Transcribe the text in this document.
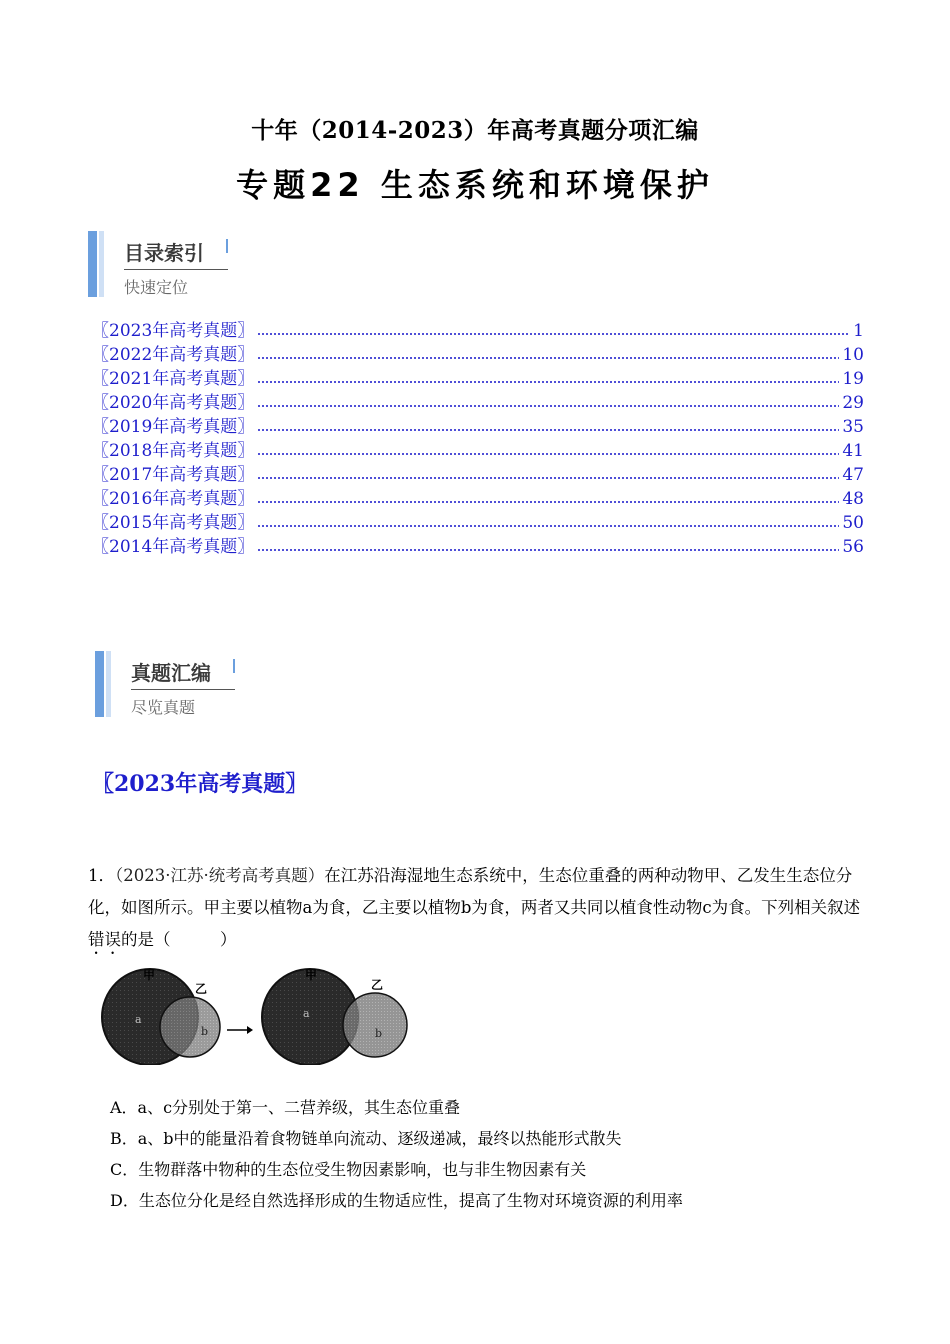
十年（2014-2023）年高考真题分项汇编
专题22 生态系统和环境保护
目录索引
快速定位
〖2023年高考真题〗	1
〖2022年高考真题〗	10
〖2021年高考真题〗	19
〖2020年高考真题〗	29
〖2019年高考真题〗	35
〖2018年高考真题〗	41
〖2017年高考真题〗	47
〖2016年高考真题〗	48
〖2015年高考真题〗	50
〖2014年高考真题〗	56
真题汇编
尽览真题
〖2023年高考真题〗
1．（2023·江苏·统考高考真题）在江苏沿海湿地生态系统中，生态位重叠的两种动物甲、乙发生生态位分化，如图所示。甲主要以植物a为食，乙主要以植物b为食，两者又共同以植食性动物c为食。下列相关叙述错误的是（　　　）
甲
乙
a
b
甲
乙
a
b
A．a、c分别处于第一、二营养级，其生态位重叠
B．a、b中的能量沿着食物链单向流动、逐级递减，最终以热能形式散失
C．生物群落中物种的生态位受生物因素影响，也与非生物因素有关
D．生态位分化是经自然选择形成的生物适应性，提高了生物对环境资源的利用率
